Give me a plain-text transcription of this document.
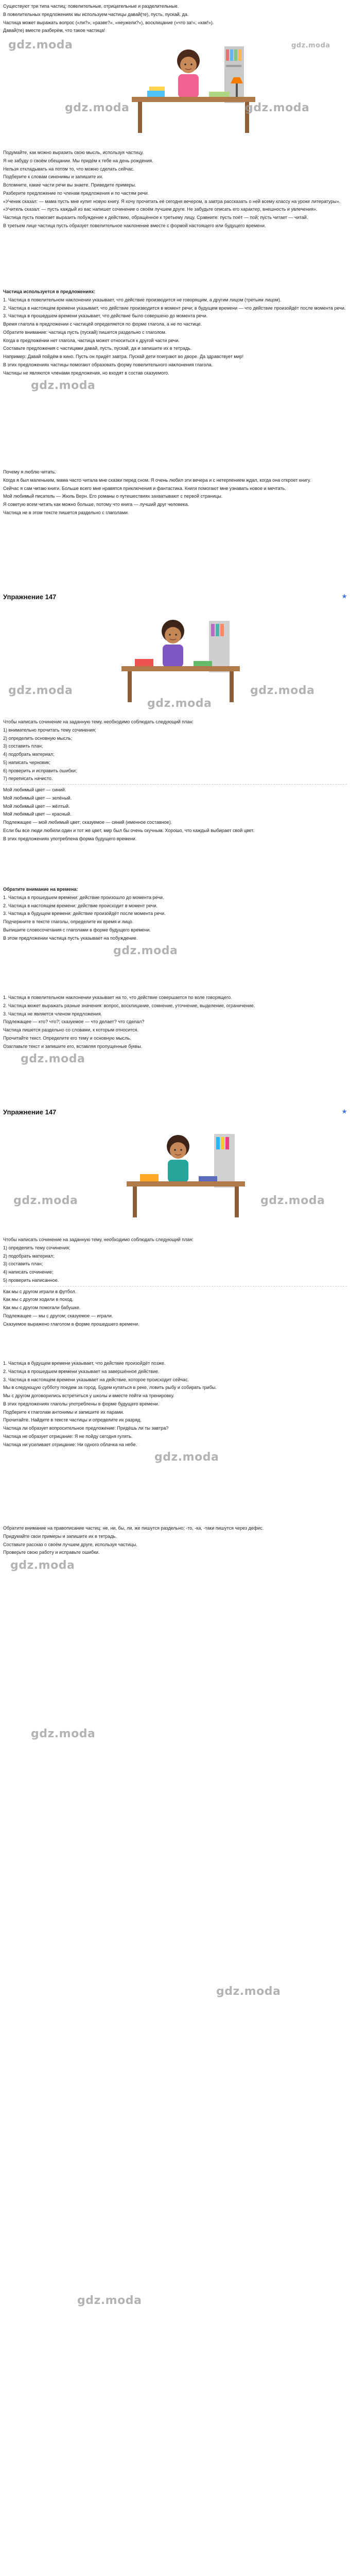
Существуют три типа частиц: повелительные, отрицательные и разделительные.

В повелительных предложениях мы используем частицы давай(те), пусть, пускай, да.

Частица может выражать вопрос («ли?», «разве?», «неужели?»), восклицание («что за!», «как!»).

Давай(те) вместе разберём, что такое частица!

gdz.moda
gdz.moda	gdz.moda
gdz.moda

Подумайте, как можно выразить свою мысль, используя частицу.

Я не забуду о своём обещании. Мы придём к тебе на день рождения.

Нельзя откладывать на потом то, что можно сделать сейчас.

Подберите к словам синонимы и запишите их.

Вспомните, какие части речи вы знаете. Приведите примеры.

Разберите предложение по членам предложения и по частям речи.

«Ученик сказал: — мама пусть мне купит новую книгу. Я хочу прочитать её сегодня вечером, а завтра рассказать о ней всему классу на уроке литературы».

«Учитель сказал: — пусть каждый из вас напишет сочинение о своём лучшем друге. Не забудьте описать его характер, внешность и увлечения».

Частица пусть помогает выразить побуждение к действию, обращённое к третьему лицу. Сравните: пусть поёт — пой; пусть читает — читай.

В третьем лице частица пусть образует повелительное наклонение вместе с формой настоящего или будущего времени.

Частица используется в предложениях:

1. Частица в повелительном наклонении указывает, что действие производится не говорящим, а другим лицом (третьим лицом).

2. Частица в настоящем времени указывает, что действие производится в момент речи; в будущем времени — что действие произойдёт после момента речи.

3. Частица в прошедшем времени указывает, что действие было совершено до момента речи.

Время глагола в предложении с частицей определяется по форме глагола, а не по частице.

Обратите внимание: частица пусть (пускай) пишется раздельно с глаголом.

Когда в предложении нет глагола, частица может относиться к другой части речи.

Составьте предложения с частицами давай, пусть, пускай, да и запишите их в тетрадь.

Например: Давай пойдём в кино. Пусть он придёт завтра. Пускай дети поиграют во дворе. Да здравствует мир!

В этих предложениях частицы помогают образовать форму повелительного наклонения глагола.

Частицы не являются членами предложения, но входят в состав сказуемого.

gdz.moda

Почему я люблю читать.

Когда я был маленьким, мама часто читала мне сказки перед сном. Я очень любил эти вечера и с нетерпением ждал, когда она откроет книгу.

Сейчас я сам читаю книги. Больше всего мне нравятся приключения и фантастика. Книги помогают мне узнавать новое и мечтать.

Мой любимый писатель — Жюль Верн. Его романы о путешествиях захватывают с первой страницы.

Я советую всем читать как можно больше, потому что книга — лучший друг человека.

Частица не в этом тексте пишется раздельно с глаголами.

Упражнение 147	★
gdz.moda
gdz.moda
gdz.moda

Чтобы написать сочинение на заданную тему, необходимо соблюдать следующий план:

1) внимательно прочитать тему сочинения;

2) определить основную мысль;

3) составить план;

4) подобрать материал;

5) написать черновик;

6) проверить и исправить ошибки;

7) переписать начисто.

Мой любимый цвет — синий.

Мой любимый цвет — зелёный.

Мой любимый цвет — жёлтый.

Мой любимый цвет — красный.

Подлежащее — мой любимый цвет; сказуемое — синий (именное составное).

Если бы все люди любили один и тот же цвет, мир был бы очень скучным. Хорошо, что каждый выбирает свой цвет.

В этих предложениях употреблена форма будущего времени.

Обратите внимание на времена:

1. Частица в прошедшем времени: действие произошло до момента речи.

2. Частица в настоящем времени: действие происходит в момент речи.

3. Частица в будущем времени: действие произойдёт после момента речи.

Подчеркните в тексте глаголы, определите их время и лицо.

Выпишите словосочетания с глаголами в форме будущего времени.

В этом предложении частица пусть указывает на побуждение.

gdz.moda

1. Частица в повелительном наклонении указывает на то, что действие совершается по воле говорящего.

2. Частица может выражать разные значения: вопрос, восклицание, сомнение, уточнение, выделение, ограничение.

3. Частица не является членом предложения.

Подлежащее — кто? что?; сказуемое — что делает? что сделал?

Частица пишется раздельно со словами, к которым относится.

Прочитайте текст. Определите его тему и основную мысль.

Озаглавьте текст и запишите его, вставляя пропущенные буквы.

gdz.moda
Упражнение 147	★
gdz.moda	gdz.moda

Чтобы написать сочинение на заданную тему, необходимо соблюдать следующий план:

1) определить тему сочинения;

2) подобрать материал;

3) составить план;

4) написать сочинение;

5) проверить написанное.

Как мы с другом играли в футбол.

Как мы с другом ходили в поход.

Как мы с другом помогали бабушке.

Подлежащее — мы с другом; сказуемое — играли.

Сказуемое выражено глаголом в форме прошедшего времени.

1. Частица в будущем времени указывает, что действие произойдёт позже.

2. Частица в прошедшем времени указывает на завершённое действие.

3. Частица в настоящем времени указывает на действие, которое происходит сейчас.

Мы в следующую субботу поедем за город. Будем купаться в реке, ловить рыбу и собирать грибы.

Мы с другом договорились встретиться у школы и вместе пойти на тренировку.

В этих предложениях глаголы употреблены в форме будущего времени.

Подберите к глаголам антонимы и запишите их парами.

Прочитайте. Найдите в тексте частицы и определите их разряд.

Частица ли образует вопросительное предложение: Придёшь ли ты завтра?

Частица не образует отрицание: Я не пойду сегодня гулять.

Частица ни усиливает отрицание: Ни одного облачка на небе.

gdz.moda

Обратите внимание на правописание частиц: не, ни, бы, ли, же пишутся раздельно; -то, -ка, -таки пишутся через дефис.

Придумайте свои примеры и запишите их в тетрадь.

Составьте рассказ о своём лучшем друге, используя частицы.

Проверьте свою работу и исправьте ошибки.

gdz.moda
gdz.moda
gdz.moda
gdz.moda
